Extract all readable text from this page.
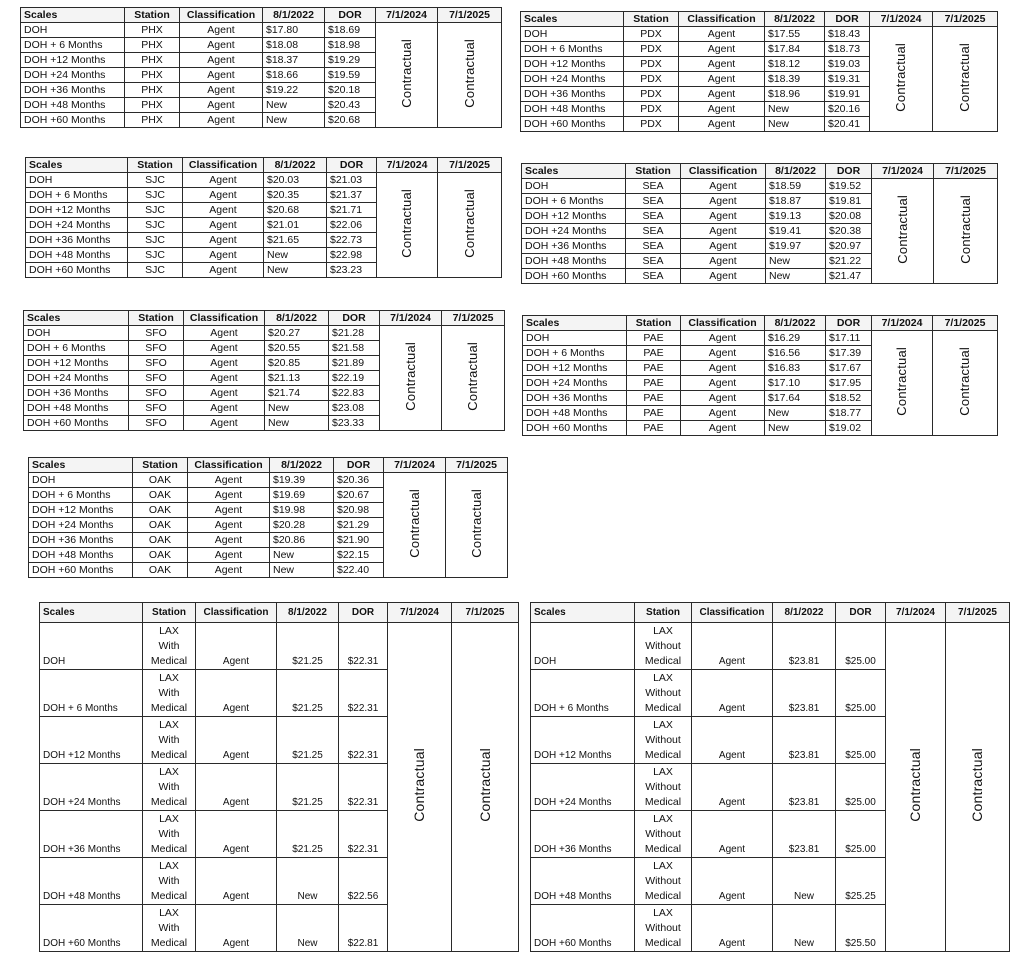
Scales	Station	Classification	8/1/2022	DOR	7/1/2024	7/1/2025
DOH	PHX	Agent	$17.80	$18.69	Contractual	Contractual
DOH + 6 Months	PHX	Agent	$18.08	$18.98		
DOH +12 Months	PHX	Agent	$18.37	$19.29		
DOH +24 Months	PHX	Agent	$18.66	$19.59		
DOH +36 Months	PHX	Agent	$19.22	$20.18		
DOH +48 Months	PHX	Agent	New	$20.43		
DOH +60 Months	PHX	Agent	New	$20.68		
Scales	Station	Classification	8/1/2022	DOR	7/1/2024	7/1/2025
DOH	PDX	Agent	$17.55	$18.43	Contractual	Contractual
DOH + 6 Months	PDX	Agent	$17.84	$18.73		
DOH +12 Months	PDX	Agent	$18.12	$19.03		
DOH +24 Months	PDX	Agent	$18.39	$19.31		
DOH +36 Months	PDX	Agent	$18.96	$19.91		
DOH +48 Months	PDX	Agent	New	$20.16		
DOH +60 Months	PDX	Agent	New	$20.41		
Scales	Station	Classification	8/1/2022	DOR	7/1/2024	7/1/2025
DOH	SJC	Agent	$20.03	$21.03	Contractual	Contractual
DOH + 6 Months	SJC	Agent	$20.35	$21.37		
DOH +12 Months	SJC	Agent	$20.68	$21.71		
DOH +24 Months	SJC	Agent	$21.01	$22.06		
DOH +36 Months	SJC	Agent	$21.65	$22.73		
DOH +48 Months	SJC	Agent	New	$22.98		
DOH +60 Months	SJC	Agent	New	$23.23		
Scales	Station	Classification	8/1/2022	DOR	7/1/2024	7/1/2025
DOH	SEA	Agent	$18.59	$19.52	Contractual	Contractual
DOH + 6 Months	SEA	Agent	$18.87	$19.81		
DOH +12 Months	SEA	Agent	$19.13	$20.08		
DOH +24 Months	SEA	Agent	$19.41	$20.38		
DOH +36 Months	SEA	Agent	$19.97	$20.97		
DOH +48 Months	SEA	Agent	New	$21.22		
DOH +60 Months	SEA	Agent	New	$21.47		
Scales	Station	Classification	8/1/2022	DOR	7/1/2024	7/1/2025
DOH	SFO	Agent	$20.27	$21.28	Contractual	Contractual
DOH + 6 Months	SFO	Agent	$20.55	$21.58		
DOH +12 Months	SFO	Agent	$20.85	$21.89		
DOH +24 Months	SFO	Agent	$21.13	$22.19		
DOH +36 Months	SFO	Agent	$21.74	$22.83		
DOH +48 Months	SFO	Agent	New	$23.08		
DOH +60 Months	SFO	Agent	New	$23.33		
Scales	Station	Classification	8/1/2022	DOR	7/1/2024	7/1/2025
DOH	PAE	Agent	$16.29	$17.11	Contractual	Contractual
DOH + 6 Months	PAE	Agent	$16.56	$17.39		
DOH +12 Months	PAE	Agent	$16.83	$17.67		
DOH +24 Months	PAE	Agent	$17.10	$17.95		
DOH +36 Months	PAE	Agent	$17.64	$18.52		
DOH +48 Months	PAE	Agent	New	$18.77		
DOH +60 Months	PAE	Agent	New	$19.02		
Scales	Station	Classification	8/1/2022	DOR	7/1/2024	7/1/2025
DOH	OAK	Agent	$19.39	$20.36	Contractual	Contractual
DOH + 6 Months	OAK	Agent	$19.69	$20.67		
DOH +12 Months	OAK	Agent	$19.98	$20.98		
DOH +24 Months	OAK	Agent	$20.28	$21.29		
DOH +36 Months	OAK	Agent	$20.86	$21.90		
DOH +48 Months	OAK	Agent	New	$22.15		
DOH +60 Months	OAK	Agent	New	$22.40		
Scales	Station	Classification	8/1/2022	DOR	7/1/2024	7/1/2025
DOH	LAX
With
Medical	Agent	$21.25	$22.31	Contractual	Contractual
DOH + 6 Months	LAX
With
Medical	Agent	$21.25	$22.31		
DOH +12 Months	LAX
With
Medical	Agent	$21.25	$22.31		
DOH +24 Months	LAX
With
Medical	Agent	$21.25	$22.31		
DOH +36 Months	LAX
With
Medical	Agent	$21.25	$22.31		
DOH +48 Months	LAX
With
Medical	Agent	New	$22.56		
DOH +60 Months	LAX
With
Medical	Agent	New	$22.81		
Scales	Station	Classification	8/1/2022	DOR	7/1/2024	7/1/2025
DOH	LAX
Without
Medical	Agent	$23.81	$25.00	Contractual	Contractual
DOH + 6 Months	LAX
Without
Medical	Agent	$23.81	$25.00		
DOH +12 Months	LAX
Without
Medical	Agent	$23.81	$25.00		
DOH +24 Months	LAX
Without
Medical	Agent	$23.81	$25.00		
DOH +36 Months	LAX
Without
Medical	Agent	$23.81	$25.00		
DOH +48 Months	LAX
Without
Medical	Agent	New	$25.25		
DOH +60 Months	LAX
Without
Medical	Agent	New	$25.50		
